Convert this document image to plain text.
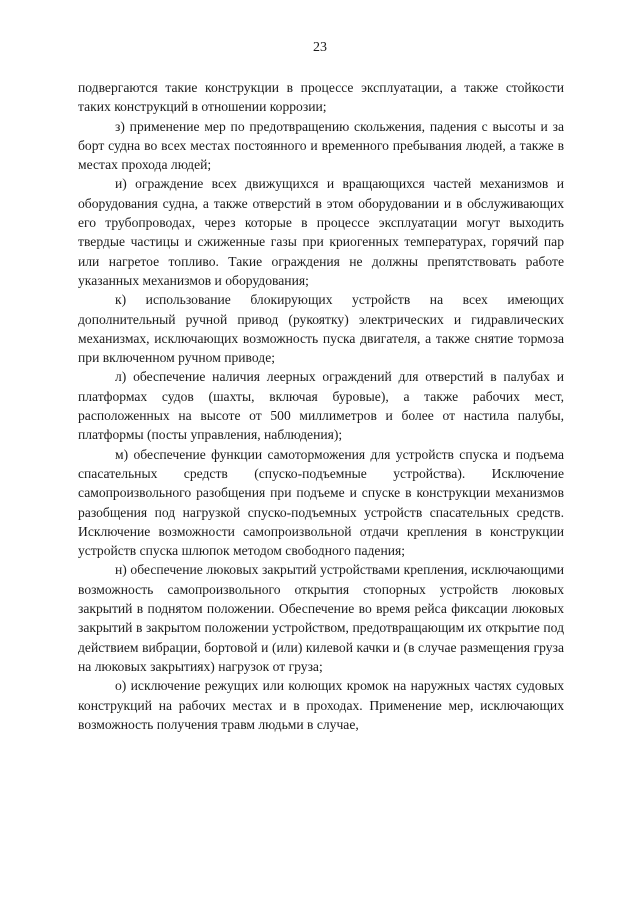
23

подвергаются такие конструкции в процессе эксплуатации, а также стойкости таких конструкций в отношении коррозии;

з) применение мер по предотвращению скольжения, падения с высоты и за борт судна во всех местах постоянного и временного пребывания людей, а также в местах прохода людей;

и) ограждение всех движущихся и вращающихся частей механизмов и оборудования судна, а также отверстий в этом оборудовании и в обслуживающих его трубопроводах, через которые в процессе эксплуатации могут выходить твердые частицы и сжиженные газы при криогенных температурах, горячий пар или нагретое топливо. Такие ограждения не должны препятствовать работе указанных механизмов и оборудования;

к) использование блокирующих устройств на всех имеющих дополнительный ручной привод (рукоятку) электрических и гидравлических механизмах, исключающих возможность пуска двигателя, а также снятие тормоза при включенном ручном приводе;

л) обеспечение наличия леерных ограждений для отверстий в палубах и платформах судов (шахты, включая буровые), а также рабочих мест, расположенных на высоте от 500 миллиметров и более от настила палубы, платформы (посты управления, наблюдения);

м) обеспечение функции самоторможения для устройств спуска и подъема спасательных средств (спуско-подъемные устройства). Исключение самопроизвольного разобщения при подъеме и спуске в конструкции механизмов разобщения под нагрузкой спуско-подъемных устройств спасательных средств. Исключение возможности самопроизвольной отдачи крепления в конструкции устройств спуска шлюпок методом свободного падения;

н) обеспечение люковых закрытий устройствами крепления, исключающими возможность самопроизвольного открытия стопорных устройств люковых закрытий в поднятом положении. Обеспечение во время рейса фиксации люковых закрытий в закрытом положении устройством, предотвращающим их открытие под действием вибрации, бортовой и (или) килевой качки и (в случае размещения груза на люковых закрытиях) нагрузок от груза;

о) исключение режущих или колющих кромок на наружных частях судовых конструкций на рабочих местах и в проходах. Применение мер, исключающих возможность получения травм людьми в случае,
